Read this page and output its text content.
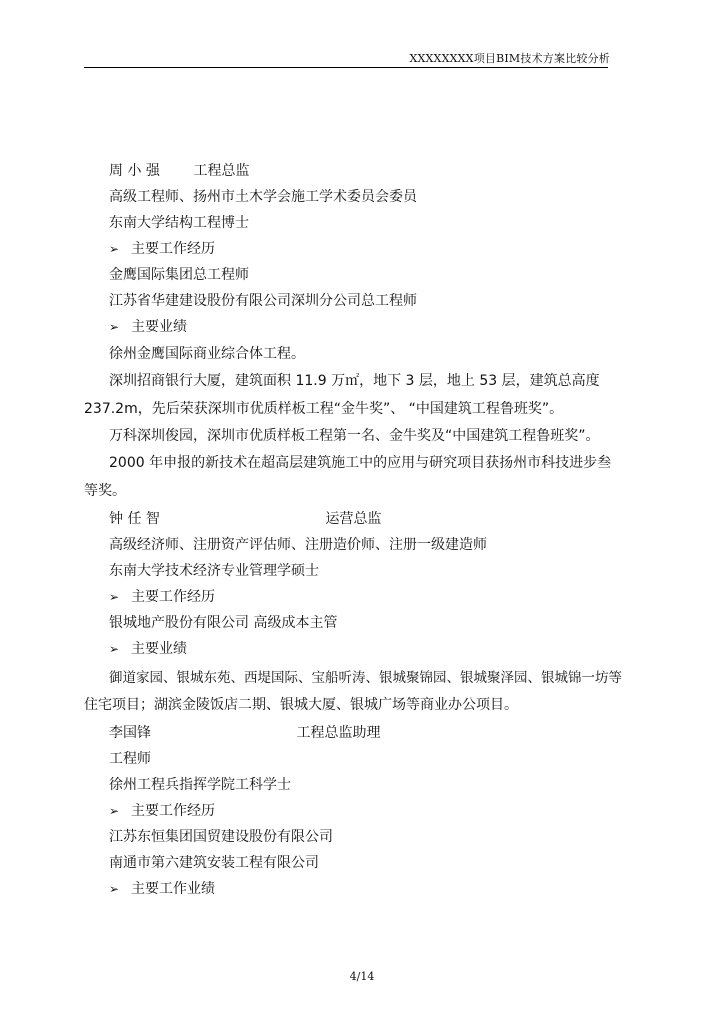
XXXXXXXX项目BIM技术方案比较分析
周 小 强 工程总监
高级工程师、扬州市土木学会施工学术委员会委员
东南大学结构工程博士
➢ 主要工作经历
金鹰国际集团总工程师
江苏省华建建设股份有限公司深圳分公司总工程师
➢ 主要业绩
徐州金鹰国际商业综合体工程。
深圳招商银行大厦，建筑面积 11.9 万㎡，地下 3 层，地上 53 层，建筑总高度
237.2m，先后荣获深圳市优质样板工程“金牛奖”、 “中国建筑工程鲁班奖”。
万科深圳俊园，深圳市优质样板工程第一名、金牛奖及“中国建筑工程鲁班奖”。
2000 年申报的新技术在超高层建筑施工中的应用与研究项目获扬州市科技进步叁
等奖。
钟 任 智	运营总监
高级经济师、注册资产评估师、注册造价师、注册一级建造师
东南大学技术经济专业管理学硕士
➢ 主要工作经历
银城地产股份有限公司 高级成本主管
➢ 主要业绩
御道家园、银城东苑、西堤国际、宝船听涛、银城聚锦园、银城聚泽园、银城锦一坊等
住宅项目；湖滨金陵饭店二期、银城大厦、银城广场等商业办公项目。
李国锋	工程总监助理
工程师
徐州工程兵指挥学院工科学士
➢ 主要工作经历
江苏东恒集团国贸建设股份有限公司
南通市第六建筑安装工程有限公司
➢ 主要工作业绩
4/14
